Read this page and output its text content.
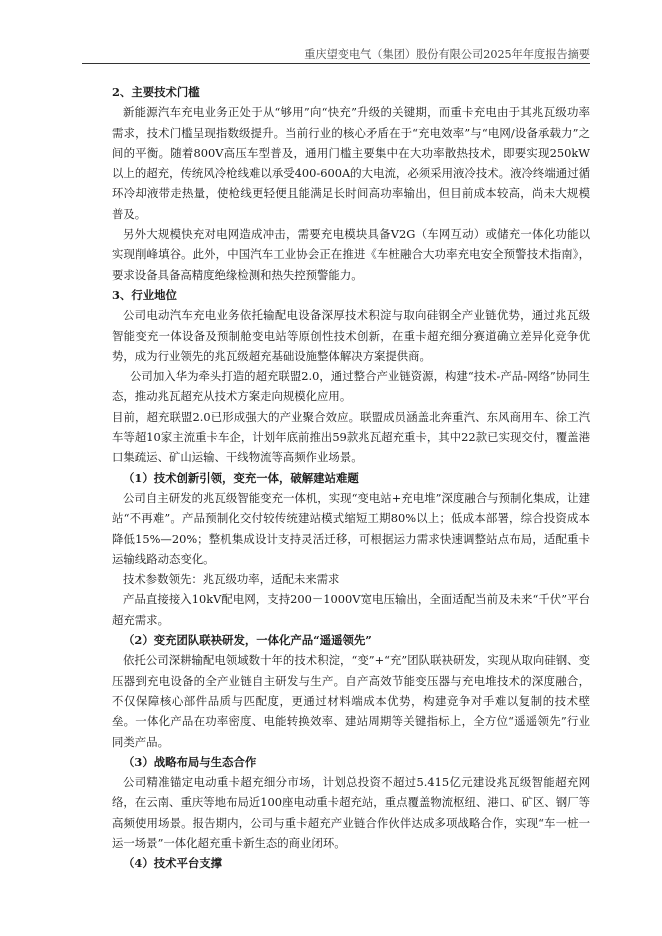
重庆望变电气（集团）股份有限公司2025年年度报告摘要

2、主要技术门槛

新能源汽车充电业务正处于从“够用”向“快充”升级的关键期，而重卡充电由于其兆瓦级功率需求，技术门槛呈现指数级提升。当前行业的核心矛盾在于“充电效率”与“电网/设备承载力”之间的平衡。随着800V高压车型普及，通用门槛主要集中在大功率散热技术，即要实现250kW以上的超充，传统风冷枪线难以承受400-600A的大电流，必须采用液冷技术。液冷终端通过循环冷却液带走热量，使枪线更轻便且能满足长时间高功率输出，但目前成本较高，尚未大规模普及。

另外大规模快充对电网造成冲击，需要充电模块具备V2G（车网互动）或储充一体化功能以实现削峰填谷。此外，中国汽车工业协会正在推进《车桩融合大功率充电安全预警技术指南》，要求设备具备高精度绝缘检测和热失控预警能力。

3、行业地位

公司电动汽车充电业务依托输配电设备深厚技术积淀与取向硅钢全产业链优势，通过兆瓦级智能变充一体设备及预制舱变电站等原创性技术创新，在重卡超充细分赛道确立差异化竞争优势，成为行业领先的兆瓦级超充基础设施整体解决方案提供商。

公司加入华为牵头打造的超充联盟2.0，通过整合产业链资源，构建“技术-产品-网络”协同生态，推动兆瓦超充从技术方案走向规模化应用。

目前，超充联盟2.0已形成强大的产业聚合效应。联盟成员涵盖北奔重汽、东风商用车、徐工汽车等超10家主流重卡车企，计划年底前推出59款兆瓦超充重卡，其中22款已实现交付，覆盖港口集疏运、矿山运输、干线物流等高频作业场景。

（1）技术创新引领，变充一体，破解建站难题

公司自主研发的兆瓦级智能变充一体机，实现“变电站+充电堆”深度融合与预制化集成，让建站“不再难”。产品预制化交付较传统建站模式缩短工期80%以上；低成本部署，综合投资成本降低15%—20%；整机集成设计支持灵活迁移，可根据运力需求快速调整站点布局，适配重卡运输线路动态变化。

技术参数领先：兆瓦级功率，适配未来需求

产品直接接入10kV配电网，支持200－1000V宽电压输出，全面适配当前及未来“千伏”平台超充需求。

（2）变充团队联袂研发，一体化产品“遥遥领先”

依托公司深耕输配电领域数十年的技术积淀，“变”+“充”团队联袂研发，实现从取向硅钢、变压器到充电设备的全产业链自主研发与生产。自产高效节能变压器与充电堆技术的深度融合，不仅保障核心部件品质与匹配度，更通过材料端成本优势，构建竞争对手难以复制的技术壁垒。一体化产品在功率密度、电能转换效率、建站周期等关键指标上，全方位“遥遥领先”行业同类产品。

（3）战略布局与生态合作

公司精准锚定电动重卡超充细分市场，计划总投资不超过5.415亿元建设兆瓦级智能超充网络，在云南、重庆等地布局近100座电动重卡超充站，重点覆盖物流枢纽、港口、矿区、钢厂等高频使用场景。报告期内，公司与重卡超充产业链合作伙伴达成多项战略合作，实现“车一桩一运一场景”一体化超充重卡新生态的商业闭环。

（4）技术平台支撑
